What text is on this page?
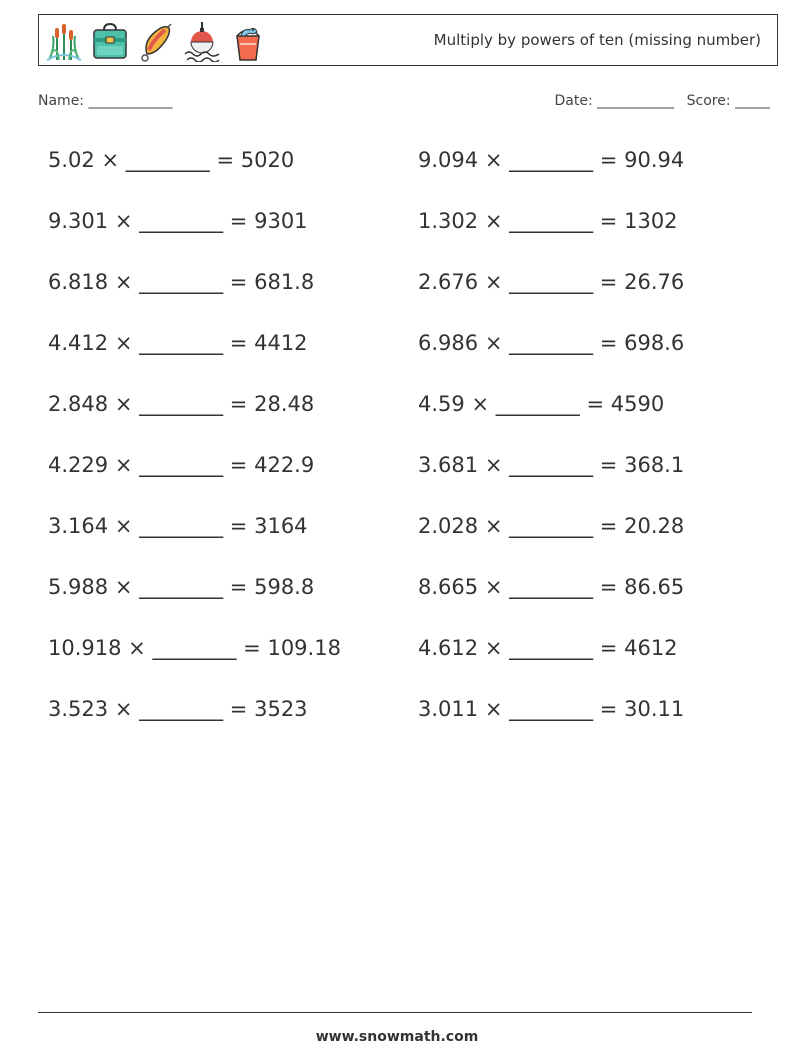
Multiply by powers of ten (missing number)
Name: ____________	Date: ___________ Score: _____
5.02 × ________ = 5020	9.094 × ________ = 90.94
9.301 × ________ = 9301	1.302 × ________ = 1302
6.818 × ________ = 681.8	2.676 × ________ = 26.76
4.412 × ________ = 4412	6.986 × ________ = 698.6
2.848 × ________ = 28.48	4.59 × ________ = 4590
4.229 × ________ = 422.9	3.681 × ________ = 368.1
3.164 × ________ = 3164	2.028 × ________ = 20.28
5.988 × ________ = 598.8	8.665 × ________ = 86.65
10.918 × ________ = 109.18	4.612 × ________ = 4612
3.523 × ________ = 3523	3.011 × ________ = 30.11
www.snowmath.com
